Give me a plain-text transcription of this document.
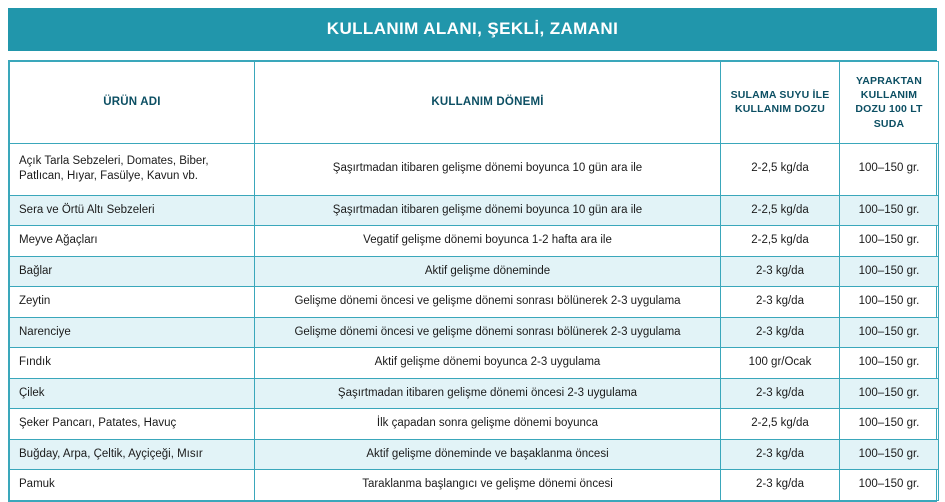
KULLANIM ALANI, ŞEKLİ, ZAMANI
ÜRÜN ADI	KULLANIM DÖNEMİ	SULAMA SUYU İLE KULLANIM DOZU	YAPRAKTAN KULLANIM DOZU 100 LT SUDA
Açık Tarla Sebzeleri, Domates, Biber, Patlıcan, Hıyar, Fasülye, Kavun vb.	Şaşırtmadan itibaren gelişme dönemi boyunca 10 gün ara ile	2-2,5 kg/da	100–150 gr.
Sera ve Örtü Altı Sebzeleri	Şaşırtmadan itibaren gelişme dönemi boyunca 10 gün ara ile	2-2,5 kg/da	100–150 gr.
Meyve Ağaçları	Vegatif gelişme dönemi boyunca 1-2 hafta ara ile	2-2,5 kg/da	100–150 gr.
Bağlar	Aktif gelişme döneminde	2-3 kg/da	100–150 gr.
Zeytin	Gelişme dönemi öncesi ve gelişme dönemi sonrası bölünerek 2-3 uygulama	2-3 kg/da	100–150 gr.
Narenciye	Gelişme dönemi öncesi ve gelişme dönemi sonrası bölünerek 2-3 uygulama	2-3 kg/da	100–150 gr.
Fındık	Aktif gelişme dönemi boyunca 2-3 uygulama	100 gr/Ocak	100–150 gr.
Çilek	Şaşırtmadan itibaren gelişme dönemi öncesi 2-3 uygulama	2-3 kg/da	100–150 gr.
Şeker Pancarı, Patates, Havuç	İlk çapadan sonra gelişme dönemi boyunca	2-2,5 kg/da	100–150 gr.
Buğday, Arpa, Çeltik, Ayçiçeği, Mısır	Aktif gelişme döneminde ve başaklanma öncesi	2-3 kg/da	100–150 gr.
Pamuk	Taraklanma başlangıcı ve gelişme dönemi öncesi	2-3 kg/da	100–150 gr.
